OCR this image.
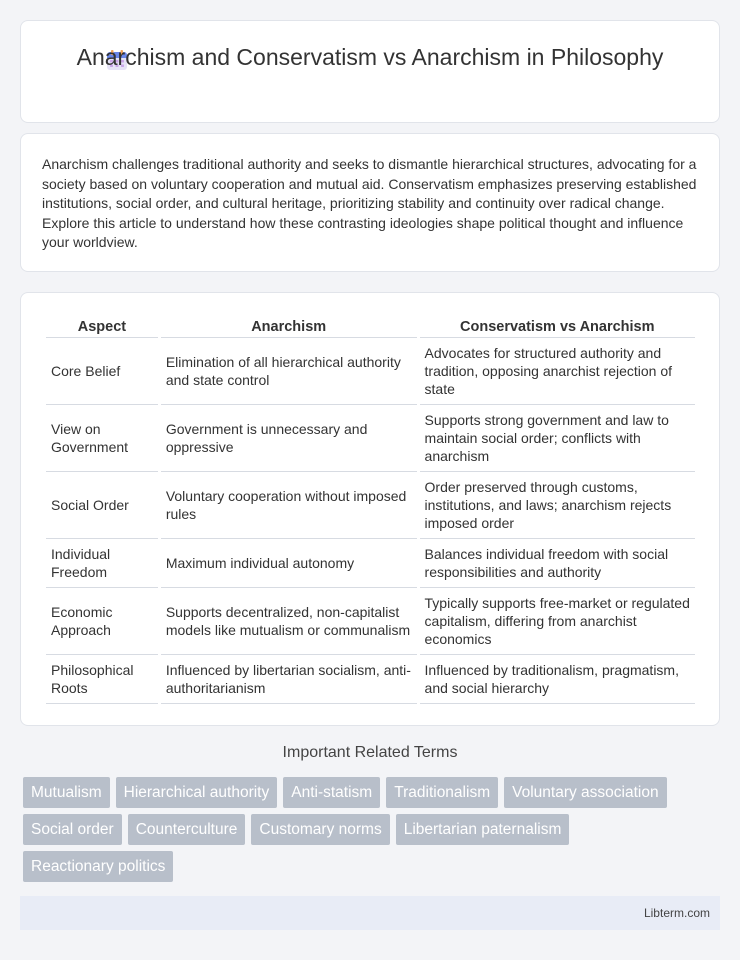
Anarchism and Conservatism vs Anarchism in Philosophy

Anarchism challenges traditional authority and seeks to dismantle hierarchical structures, advocating for a society based on voluntary cooperation and mutual aid. Conservatism emphasizes preserving established institutions, social order, and cultural heritage, prioritizing stability and continuity over radical change. Explore this article to understand how these contrasting ideologies shape political thought and influence your worldview.

Aspect	Anarchism	Conservatism vs Anarchism
Core Belief	Elimination of all hierarchical authority and state control	Advocates for structured authority and tradition, opposing anarchist rejection of state
View on Government	Government is unnecessary and oppressive	Supports strong government and law to maintain social order; conflicts with anarchism
Social Order	Voluntary cooperation without imposed rules	Order preserved through customs, institutions, and laws; anarchism rejects imposed order
Individual Freedom	Maximum individual autonomy	Balances individual freedom with social responsibilities and authority
Economic Approach	Supports decentralized, non-capitalist models like mutualism or communalism	Typically supports free-market or regulated capitalism, differing from anarchist economics
Philosophical Roots	Influenced by libertarian socialism, anti-authoritarianism	Influenced by traditionalism, pragmatism, and social hierarchy
Important Related Terms
Mutualism Hierarchical authority Anti-statism Traditionalism Voluntary associationSocial order Counterculture Customary norms Libertarian paternalismReactionary politics
Libterm.com
